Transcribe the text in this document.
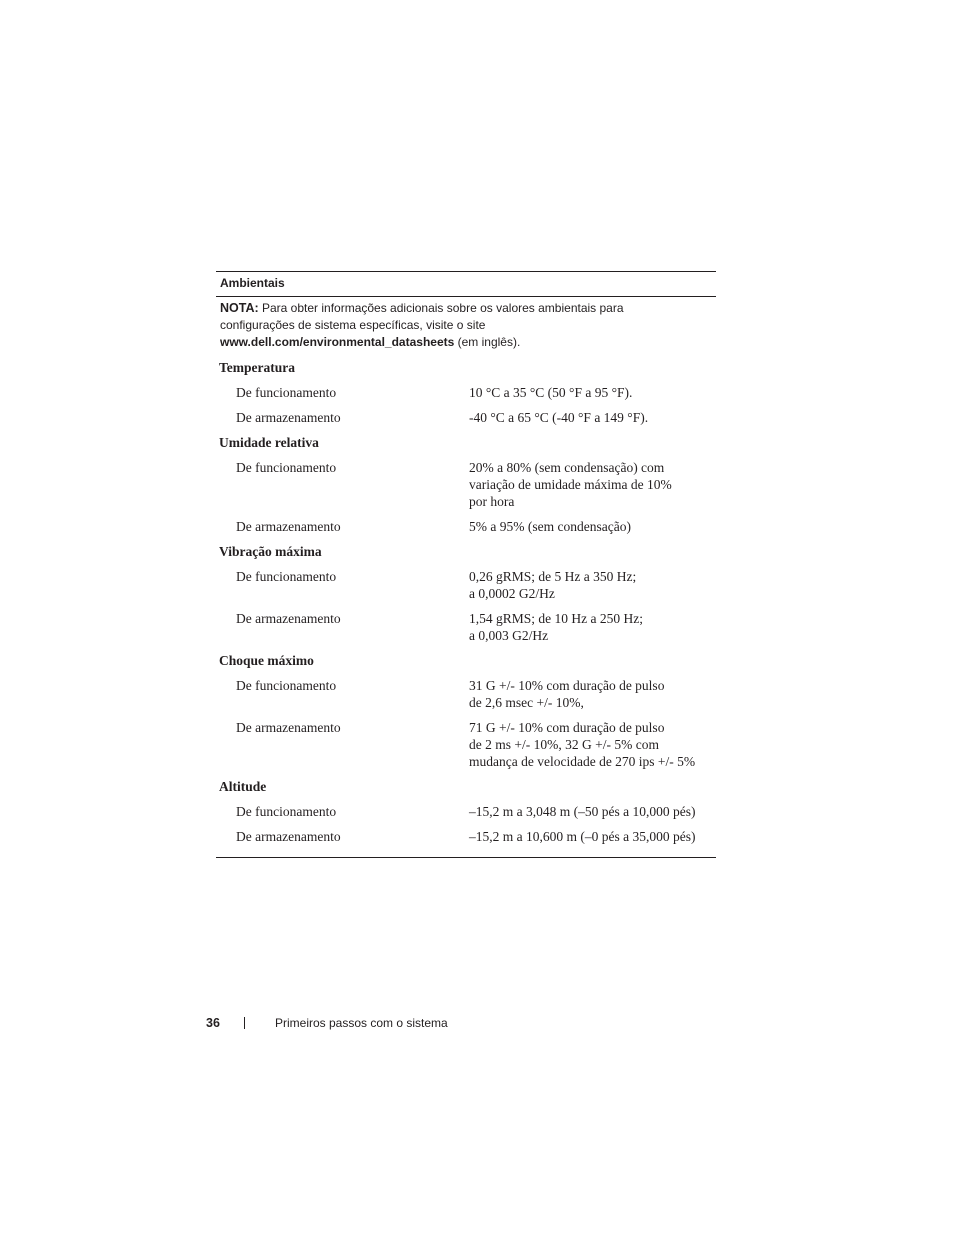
Ambientais
NOTA: Para obter informações adicionais sobre os valores ambientais para configurações de sistema específicas, visite o site www.dell.com/environmental_datasheets (em inglês).
Temperatura
De funcionamento	10 °C a 35 °C (50 °F a 95 °F).
De armazenamento	-40 °C a 65 °C (-40 °F a 149 °F).
Umidade relativa
De funcionamento	20% a 80% (sem condensação) com
variação de umidade máxima de 10%
por hora
De armazenamento	5% a 95% (sem condensação)
Vibração máxima
De funcionamento	0,26 gRMS; de 5 Hz a 350 Hz;
a 0,0002 G2/Hz
De armazenamento	1,54 gRMS; de 10 Hz a 250 Hz;
a 0,003 G2/Hz
Choque máximo
De funcionamento	31 G +/- 10% com duração de pulso
de 2,6 msec +/- 10%,
De armazenamento	71 G +/- 10% com duração de pulso
de 2 ms +/- 10%, 32 G +/- 5% com
mudança de velocidade de 270 ips +/- 5%
Altitude
De funcionamento	–15,2 m a 3,048 m (–50 pés a 10,000 pés)
De armazenamento	–15,2 m a 10,600 m (–0 pés a 35,000 pés)
36	Primeiros passos com o sistema
